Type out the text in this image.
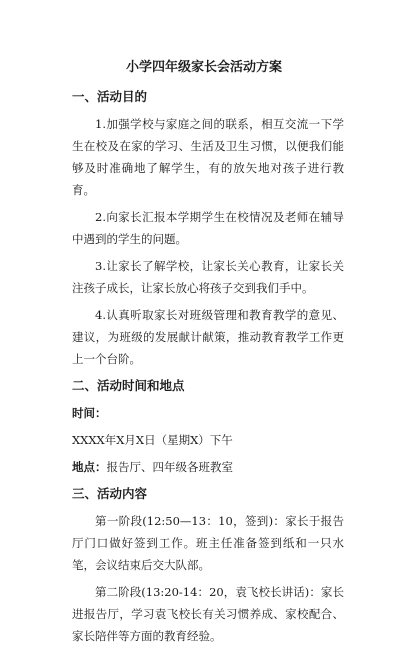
小学四年级家长会活动方案
一、活动目的

1.加强学校与家庭之间的联系，相互交流一下学生在校及在家的学习、生活及卫生习惯，以便我们能够及时准确地了解学生，有的放矢地对孩子进行教育。

2.向家长汇报本学期学生在校情况及老师在辅导中遇到的学生的问题。

3.让家长了解学校，让家长关心教育，让家长关注孩子成长，让家长放心将孩子交到我们手中。

4.认真听取家长对班级管理和教育教学的意见、建议，为班级的发展献计献策，推动教育教学工作更上一个台阶。

二、活动时间和地点

时间：

XXXX年X月X日（星期X）下午

地点：报告厅、四年级各班教室

三、活动内容

第一阶段(12:50—13：10，签到)：家长于报告厅门口做好签到工作。班主任准备签到纸和一只水笔，会议结束后交大队部。

第二阶段(13:20-14：20，袁飞校长讲话)：家长进报告厅，学习袁飞校长有关习惯养成、家校配合、家长陪伴等方面的教育经验。
